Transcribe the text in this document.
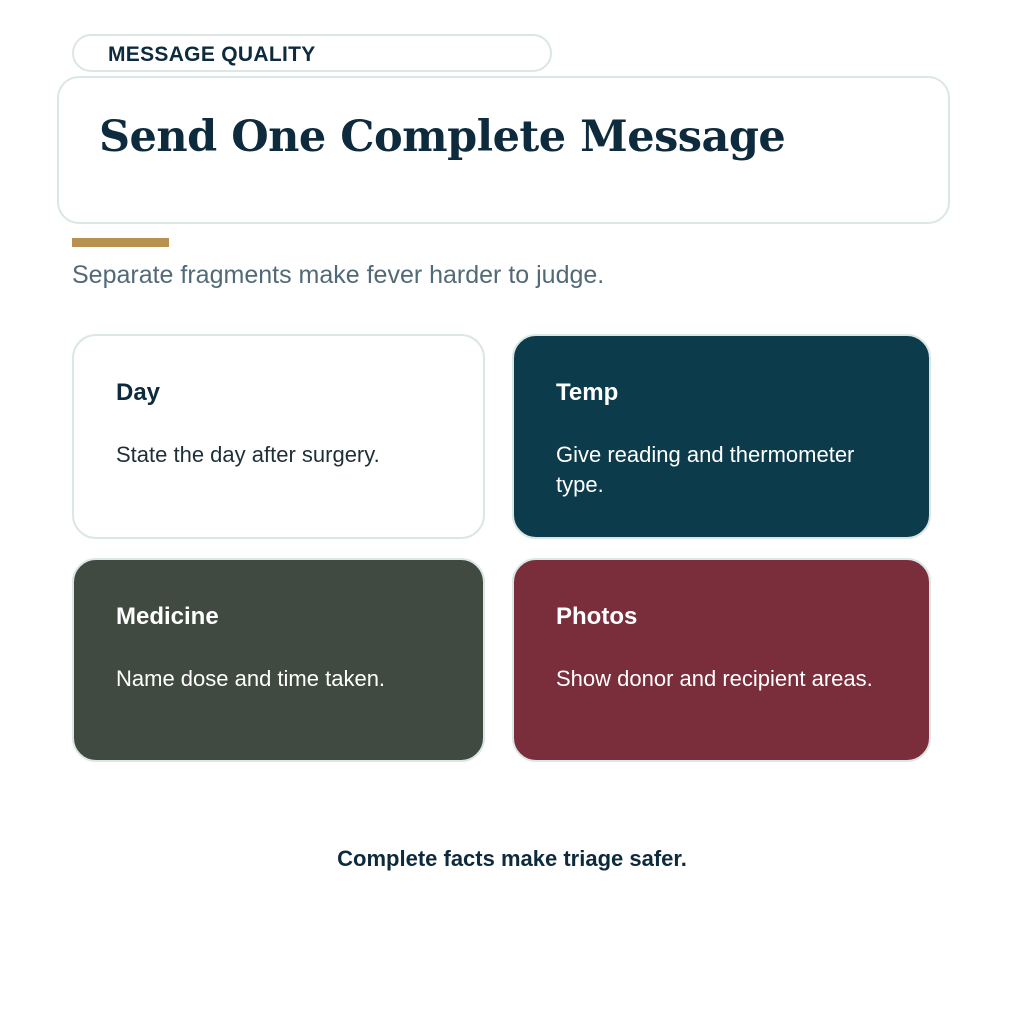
MESSAGE QUALITY
Send One Complete Message

Separate fragments make fever harder to judge.

Day
State the day after surgery.
Temp
Give reading and thermometer type.
Medicine
Name dose and time taken.
Photos
Show donor and recipient areas.
Complete facts make triage safer.
